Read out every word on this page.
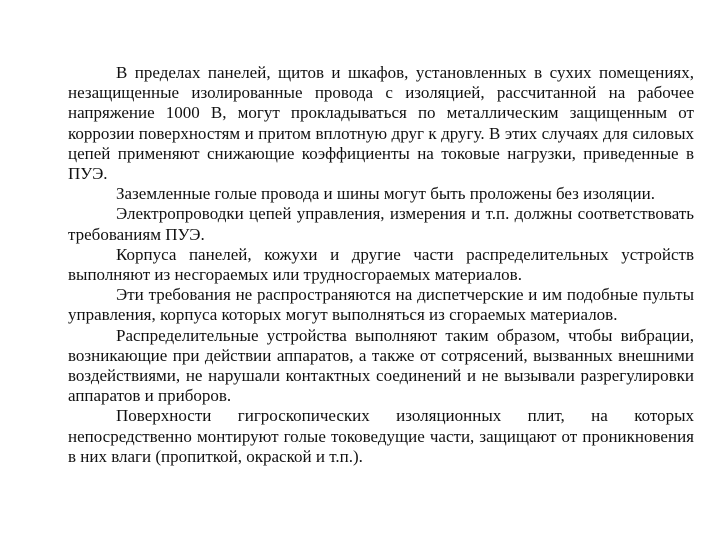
В пределах панелей, щитов и шкафов, установленных в сухих помещениях, незащищенные изолированные провода с изоляцией, рассчитанной на рабочее напряжение 1000 В, могут прокладываться по металлическим защищенным от коррозии поверхностям и притом вплотную друг к другу. В этих случаях для силовых цепей применяют снижающие коэффициенты на токовые нагрузки, приведенные в ПУЭ.

Заземленные голые провода и шины могут быть проложены без изоляции.

Электропроводки цепей управления, измерения и т.п. должны соответствовать требованиям ПУЭ.

Корпуса панелей, кожухи и другие части распределительных устройств выполняют из несгораемых или трудносгораемых материалов.

Эти требования не распространяются на диспетчерские и им подобные пульты управления, корпуса которых могут выполняться из сгораемых материалов.

Распределительные устройства выполняют таким образом, чтобы вибрации, возникающие при действии аппаратов, а также от сотрясений, вызванных внешними воздействиями, не нарушали контактных соединений и не вызывали разрегулировки аппаратов и приборов.

Поверхности гигроскопических изоляционных плит, на которых непосредственно монтируют голые токоведущие части, защищают от проникновения в них влаги (пропиткой, окраской и т.п.).
